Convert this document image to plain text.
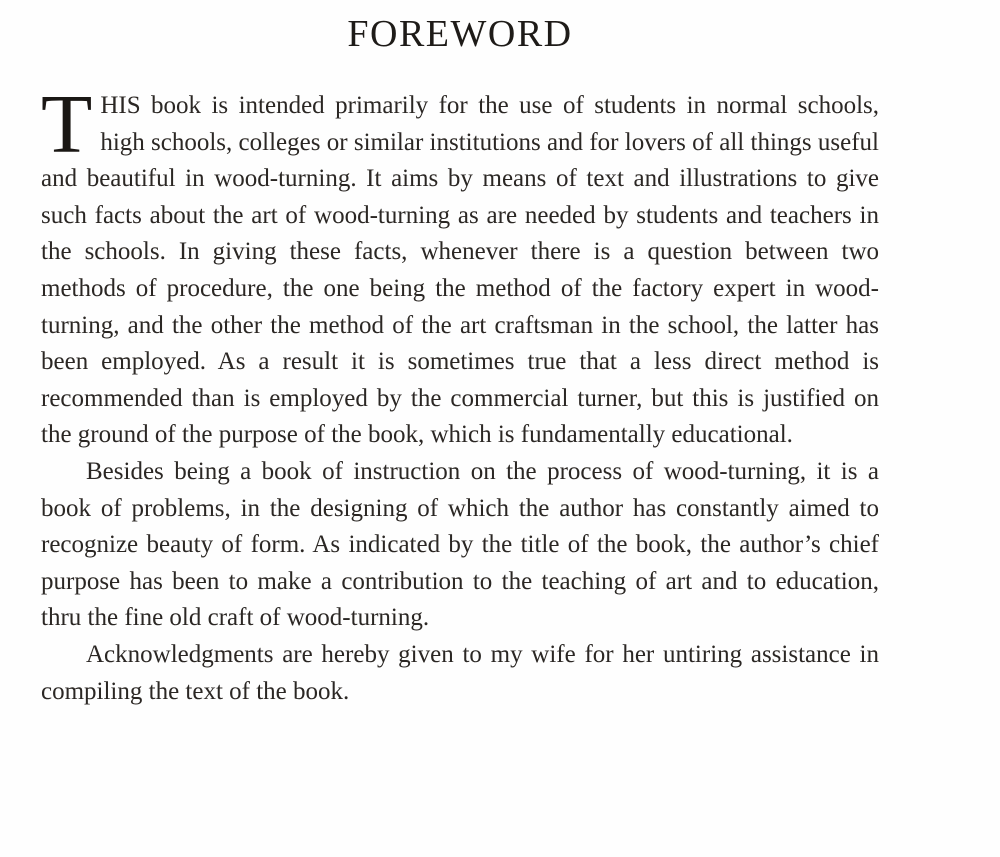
FOREWORD

THIS book is intended primarily for the use of students in normal schools, high schools, colleges or similar institutions and for lovers of all things useful and beautiful in wood-turning. It aims by means of text and illustrations to give such facts about the art of wood-turning as are needed by students and teachers in the schools. In giving these facts, whenever there is a question between two methods of procedure, the one being the method of the factory expert in wood-turning, and the other the method of the art craftsman in the school, the latter has been employed. As a result it is sometimes true that a less direct method is recommended than is employed by the commercial turner, but this is justified on the ground of the purpose of the book, which is fundamentally educational.

Besides being a book of instruction on the process of wood-turning, it is a book of problems, in the designing of which the author has constantly aimed to recognize beauty of form. As indicated by the title of the book, the author’s chief purpose has been to make a contribution to the teaching of art and to education, thru the fine old craft of wood-turning.

Acknowledgments are hereby given to my wife for her untiring assistance in compiling the text of the book.
